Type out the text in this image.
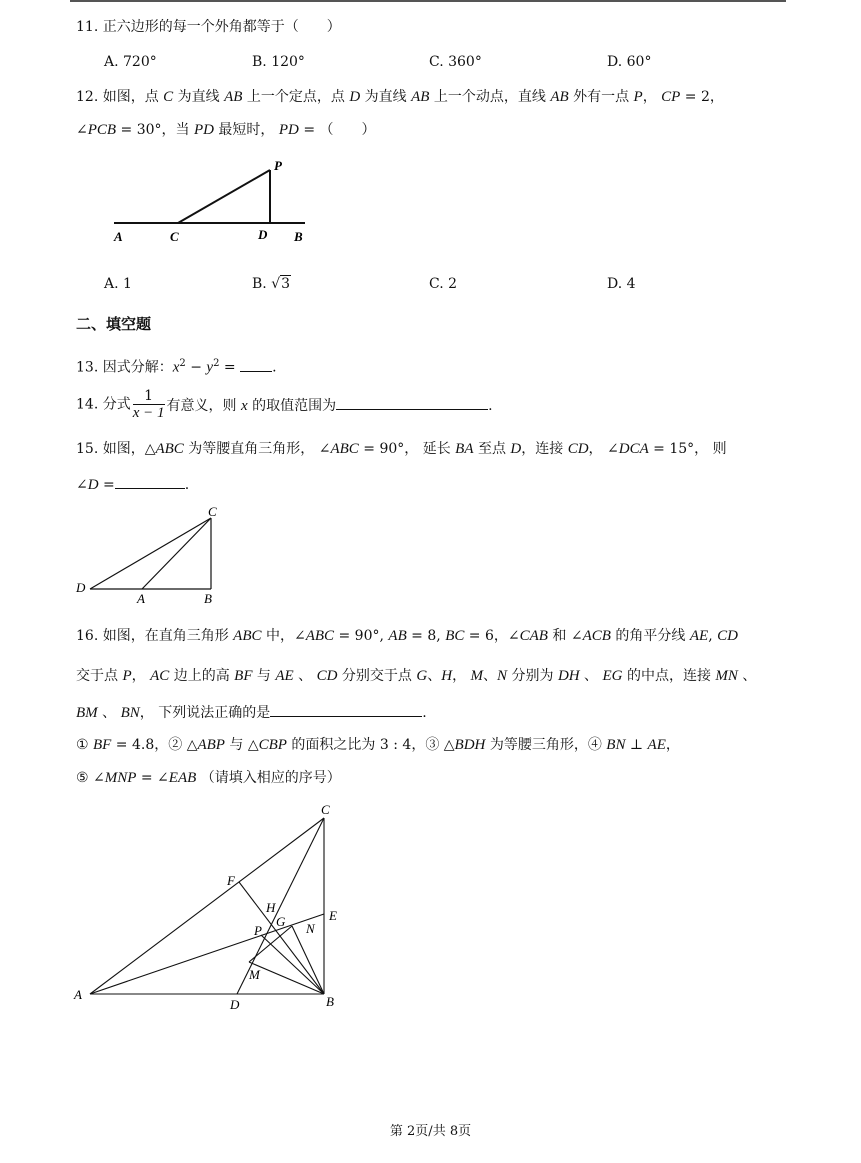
11. 正六边形的每一个外角都等于（　　）
A. 720°	B. 120°	C. 360°	D. 60°
12. 如图，点 C 为直线 AB 上一个定点，点 D 为直线 AB 上一个动点，直线 AB 外有一点 P， CP = 2，
∠PCB = 30°，当 PD 最短时， PD = （　　）
P
A	C	D B
A. 1	B. √3	C. 2	D. 4
二、填空题
13. 因式分解：$x^2 - y^2$ = .
14. 分式 $\frac{1}{x - 1}$ 有意义，则 x 的取值范围为	.
15. 如图，△ABC 为等腰直角三角形， ∠ABC = 90°， 延长 BA 至点 D，连接 CD， ∠DCA = 15°， 则
∠D =	.
C
D
A	B
16. 如图，在直角三角形 ABC 中，∠ABC = 90°, AB = 8, BC = 6，∠CAB 和 ∠ACB 的角平分线 AE, CD
交于点 P， AC 边上的高 BF 与 AE 、 CD 分别交于点 G、H， M、N 分别为 DH 、 EG 的中点，连接 MN 、
BM 、 BN， 下列说法正确的是	.
① BF = 4.8，② △ABP 与 △CBP 的面积之比为 3 : 4，③ △BDH 为等腰三角形，④ BN ⊥ AE，
⑤ ∠MNP = ∠EAB （请填入相应的序号）
F
C
H
G	E
P	N
M
A
D	B
第 2页/共 8页
